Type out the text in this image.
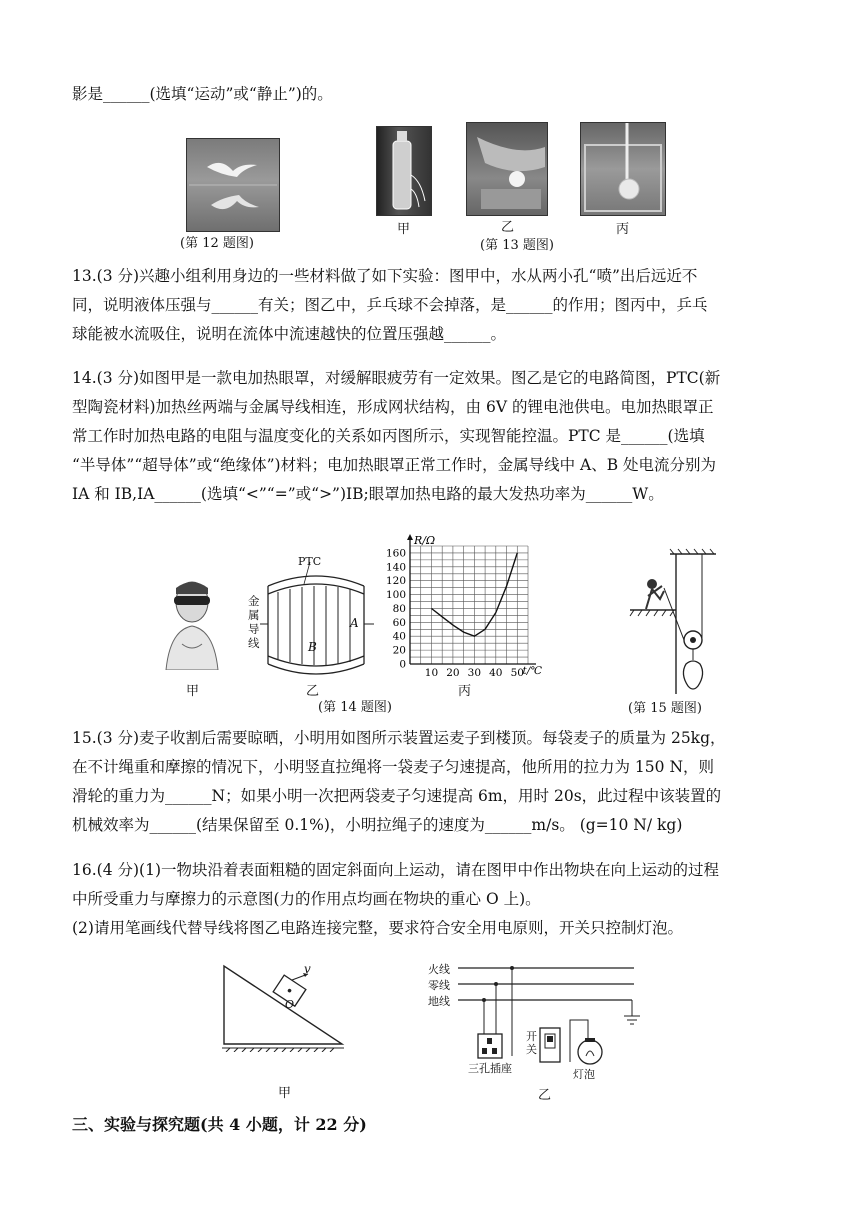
影是______(选填“运动”或“静止”)的。
(第 12 题图)
甲	乙	丙
(第 13 题图)
13.(3 分)兴趣小组利用身边的一些材料做了如下实验：图甲中，水从两小孔“喷”出后远近不
同，说明液体压强与______有关；图乙中，乒乓球不会掉落，是______的作用；图丙中，乒乓
球能被水流吸住，说明在流体中流速越快的位置压强越______。
14.(3 分)如图甲是一款电加热眼罩，对缓解眼疲劳有一定效果。图乙是它的电路简图，PTC(新
型陶瓷材料)加热丝两端与金属导线相连，形成网状结构，由 6V 的锂电池供电。电加热眼罩正
常工作时加热电路的电阻与温度变化的关系如丙图所示，实现智能控温。PTC 是______(选填
“半导体”“超导体”或“绝缘体”)材料；电加热眼罩正常工作时，金属导线中 A、B 处电流分别为
IA 和 IB,IA______(选填“<”“=”或“>”)IB;眼罩加热电路的最大发热功率为______W。
甲
PTC
金属导线
A
B
乙
0
20
40
60
80
100
120
140
160
10 20 30 40 50
R/Ω
t/℃
丙
(第 14 题图)	(第 15 题图)
15.(3 分)麦子收割后需要晾晒，小明用如图所示装置运麦子到楼顶。每袋麦子的质量为 25kg，
在不计绳重和摩擦的情况下，小明竖直拉绳将一袋麦子匀速提高，他所用的拉力为 150 N，则
滑轮的重力为______N；如果小明一次把两袋麦子匀速提高 6m，用时 20s，此过程中该装置的
机械效率为______(结果保留至 0.1%)，小明拉绳子的速度为______m/s。 (g=10 N/ kg)
16.(4 分)(1)一物块沿着表面粗糙的固定斜面向上运动，请在图甲中作出物块在向上运动的过程
中所受重力与摩擦力的示意图(力的作用点均画在物块的重心 O 上)。
(2)请用笔画线代替导线将图乙电路连接完整，要求符合安全用电原则，开关只控制灯泡。
v
O
甲
火线
零线
地线
三孔插座
开关
灯泡
乙
三、实验与探究题(共 4 小题，计 22 分)
